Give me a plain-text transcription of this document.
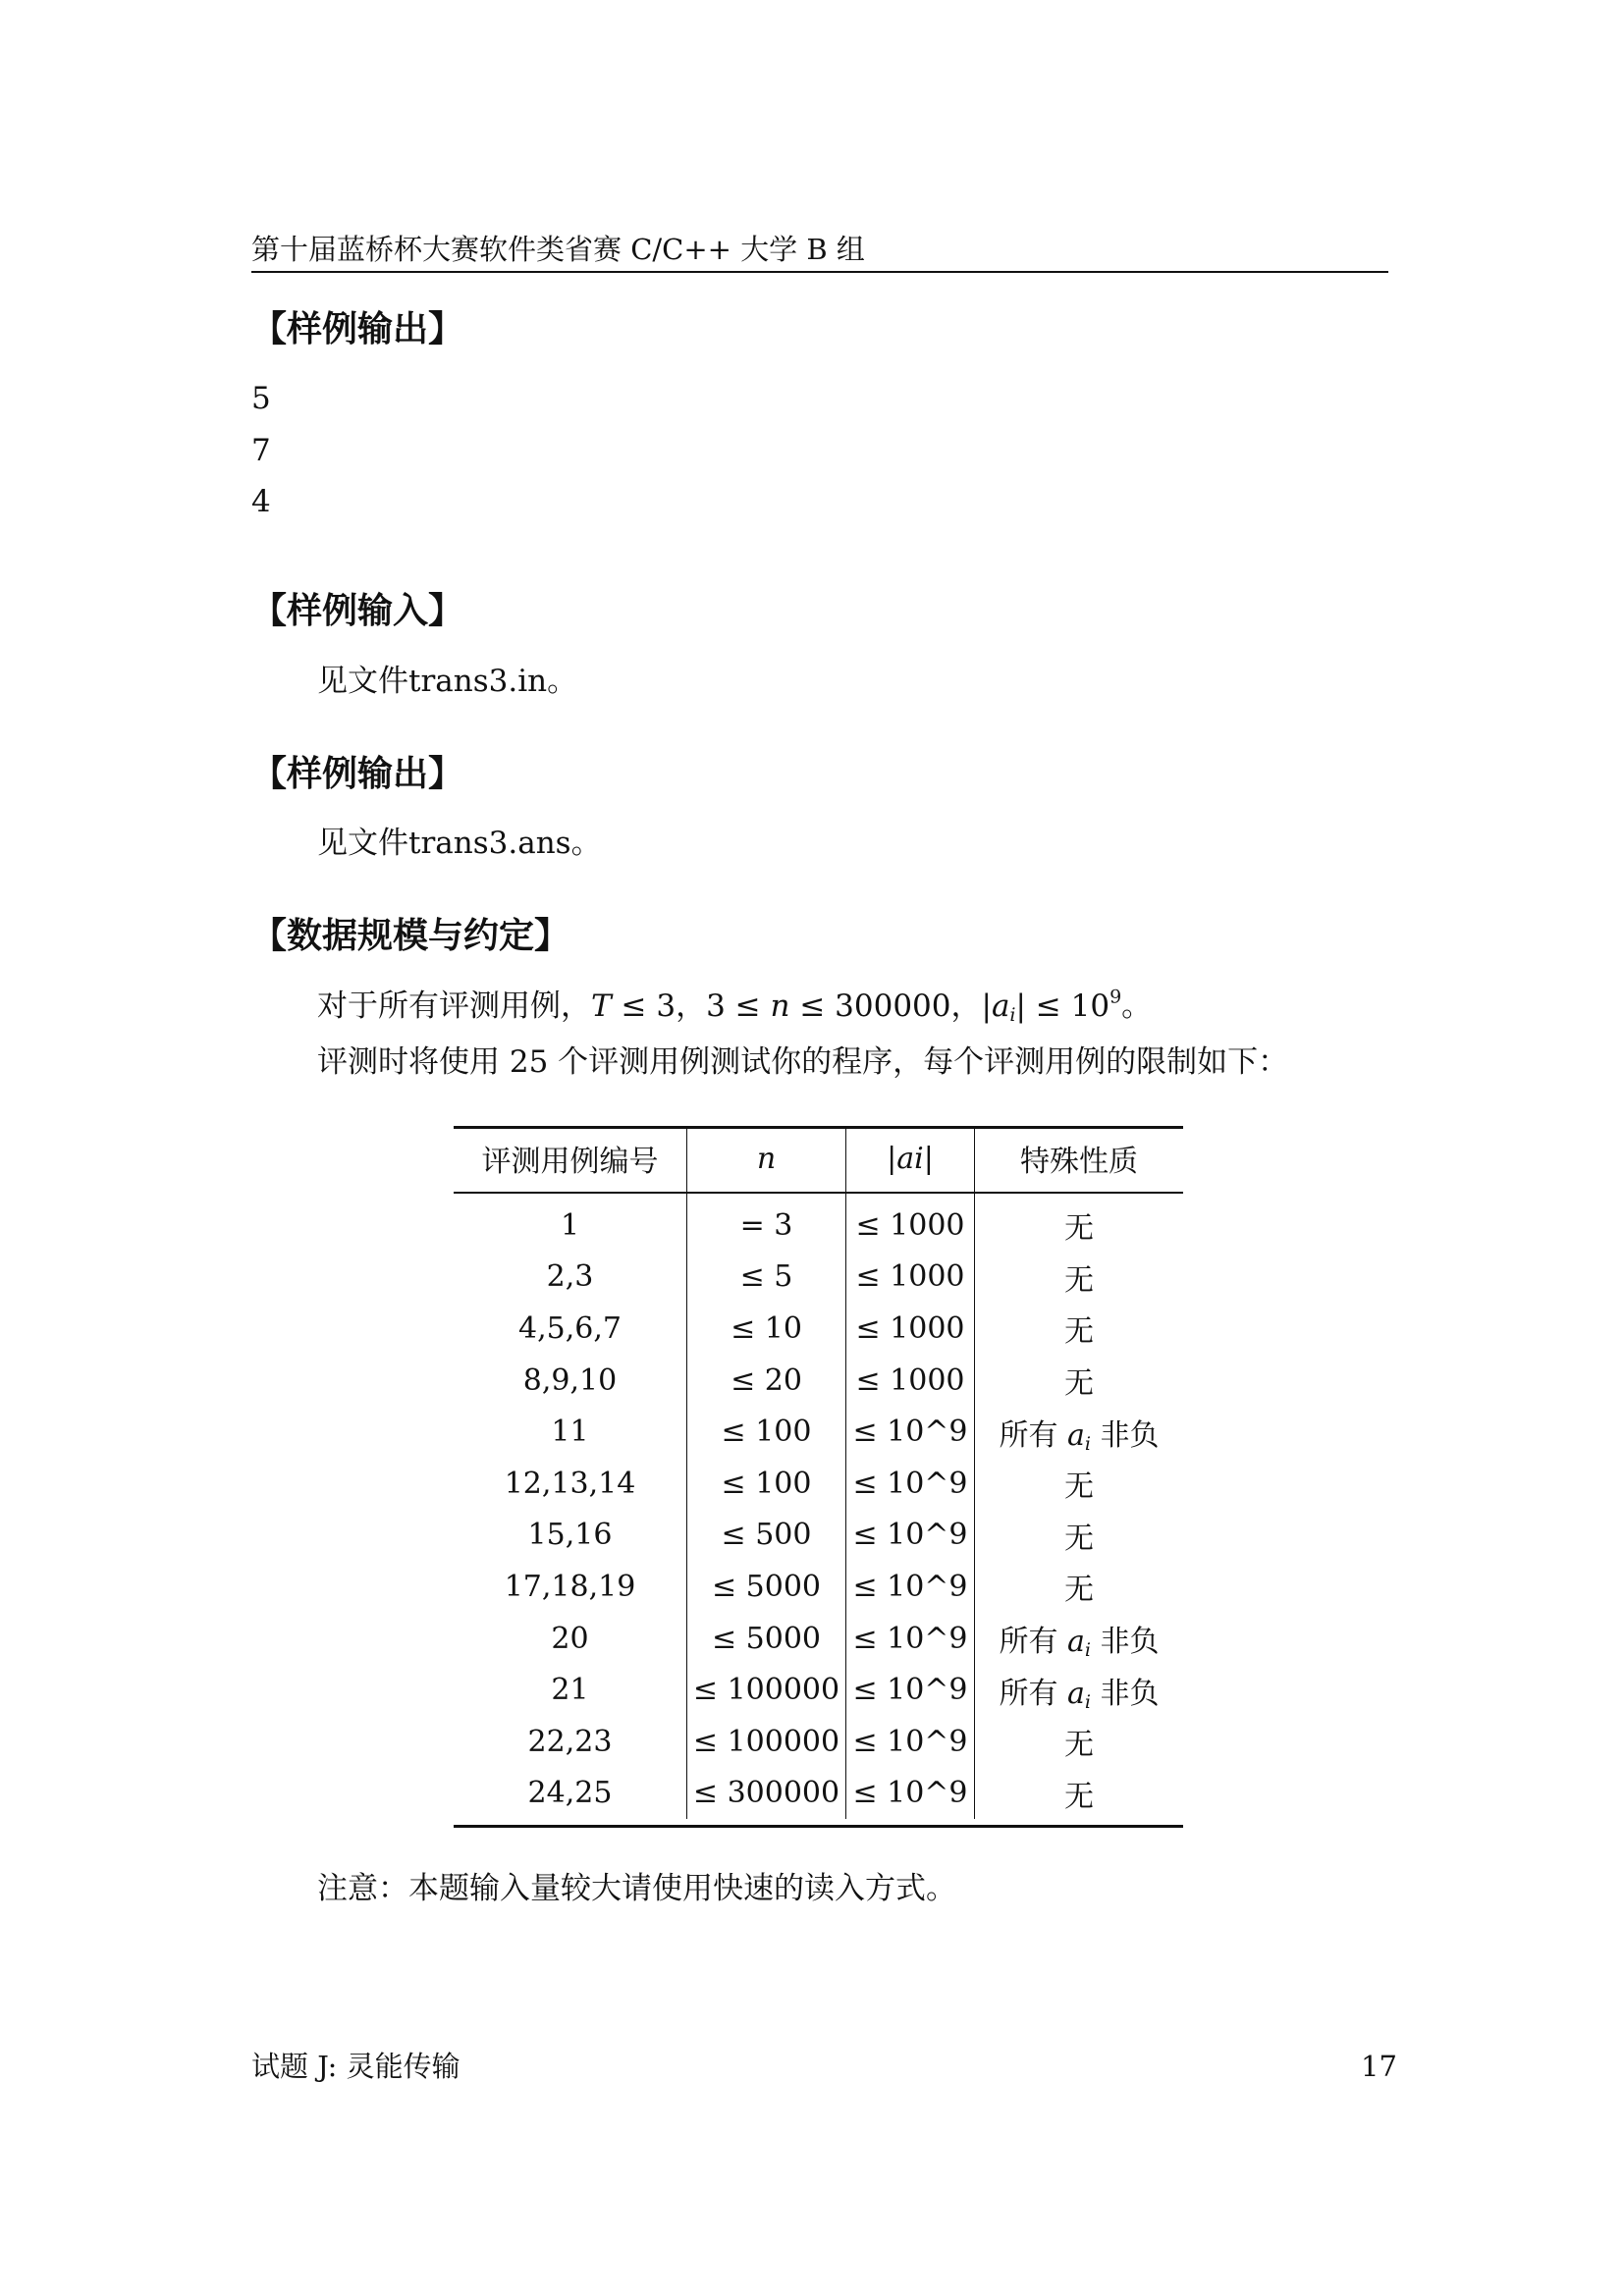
第十届蓝桥杯大赛软件类省赛 C/C++ 大学 B 组
【样例输出】
5
7
4
【样例输入】
见文件trans3.in。
【样例输出】
见文件trans3.ans。
【数据规模与约定】
对于所有评测用例，T ≤ 3，3 ≤ n ≤ 300000，$|a_i| \le 10^9$。
评测时将使用 25 个评测用例测试你的程序，每个评测用例的限制如下：
评测用例编号	n	|ai|	特殊性质
1	= 3	≤ 1000	无
2,3	≤ 5	≤ 1000	无
4,5,6,7	≤ 10	≤ 1000	无
8,9,10	≤ 20	≤ 1000	无
11	≤ 100	≤ 10^9	所有 $a_i$ 非负
12,13,14	≤ 100	≤ 10^9	无
15,16	≤ 500	≤ 10^9	无
17,18,19	≤ 5000	≤ 10^9	无
20	≤ 5000	≤ 10^9	所有 $a_i$ 非负
21	≤ 100000	≤ 10^9	所有 $a_i$ 非负
22,23	≤ 100000	≤ 10^9	无
24,25	≤ 300000	≤ 10^9	无
注意：本题输入量较大请使用快速的读入方式。
试题 J: 灵能传输	17
